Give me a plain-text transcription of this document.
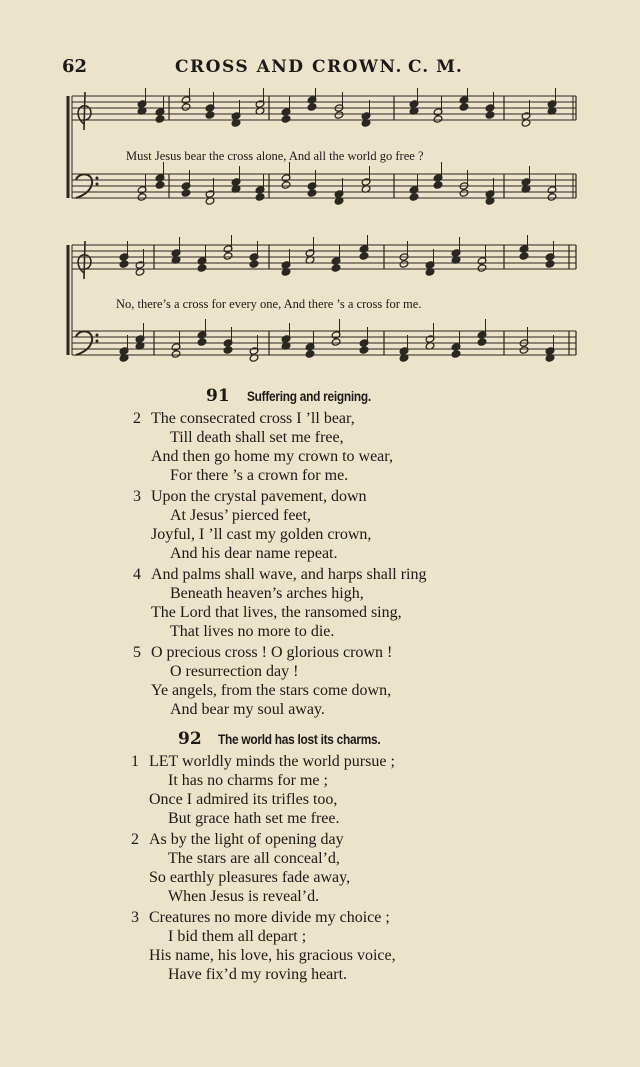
62	CROSS AND CROWN. C. M.
Must Jesus bear the cross alone, And all the world go free ?
No, there’s a cross for every one, And there ’s a cross for me.
91 Suffering and reigning.
2 The consecrated cross I ’ll bear,
Till death shall set me free,
And then go home my crown to wear,
For there ’s a crown for me.
3 Upon the crystal pavement, down
At Jesus’ pierced feet,
Joyful, I ’ll cast my golden crown,
And his dear name repeat.
4 And palms shall wave, and harps shall ring
Beneath heaven’s arches high,
The Lord that lives, the ransomed sing,
That lives no more to die.
5 O precious cross ! O glorious crown !
O resurrection day !
Ye angels, from the stars come down,
And bear my soul away.
92 The world has lost its charms.
1 LET worldly minds the world pursue ;
It has no charms for me ;
Once I admired its trifles too,
But grace hath set me free.
2 As by the light of opening day
The stars are all conceal’d,
So earthly pleasures fade away,
When Jesus is reveal’d.
3 Creatures no more divide my choice ;
I bid them all depart ;
His name, his love, his gracious voice,
Have fix’d my roving heart.
